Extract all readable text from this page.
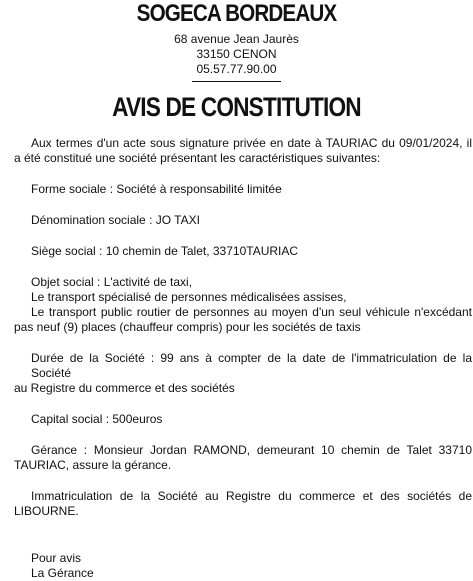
SOGECA BORDEAUX
68 avenue Jean Jaurès
33150 CENON
05.57.77.90.00
AVIS DE CONSTITUTION
Aux termes d'un acte sous signature privée en date à TAURIAC du 09/01/2024, il
a été constitué une société présentant les caractéristiques suivantes:
Forme sociale : Société à responsabilité limitée
Dénomination sociale : JO TAXI
Siège social : 10 chemin de Talet, 33710TAURIAC
Objet social : L'activité de taxi,
Le transport spécialisé de personnes médicalisées assises,
Le transport public routier de personnes au moyen d'un seul véhicule n'excédant
pas neuf (9) places (chauffeur compris) pour les sociétés de taxis
Durée de la Société : 99 ans à compter de la date de l'immatriculation de la Société
au Registre du commerce et des sociétés
Capital social : 500euros
Gérance : Monsieur Jordan RAMOND, demeurant 10 chemin de Talet 33710
TAURIAC, assure la gérance.
Immatriculation de la Société au Registre du commerce et des sociétés de
LIBOURNE.
Pour avis
La Gérance
